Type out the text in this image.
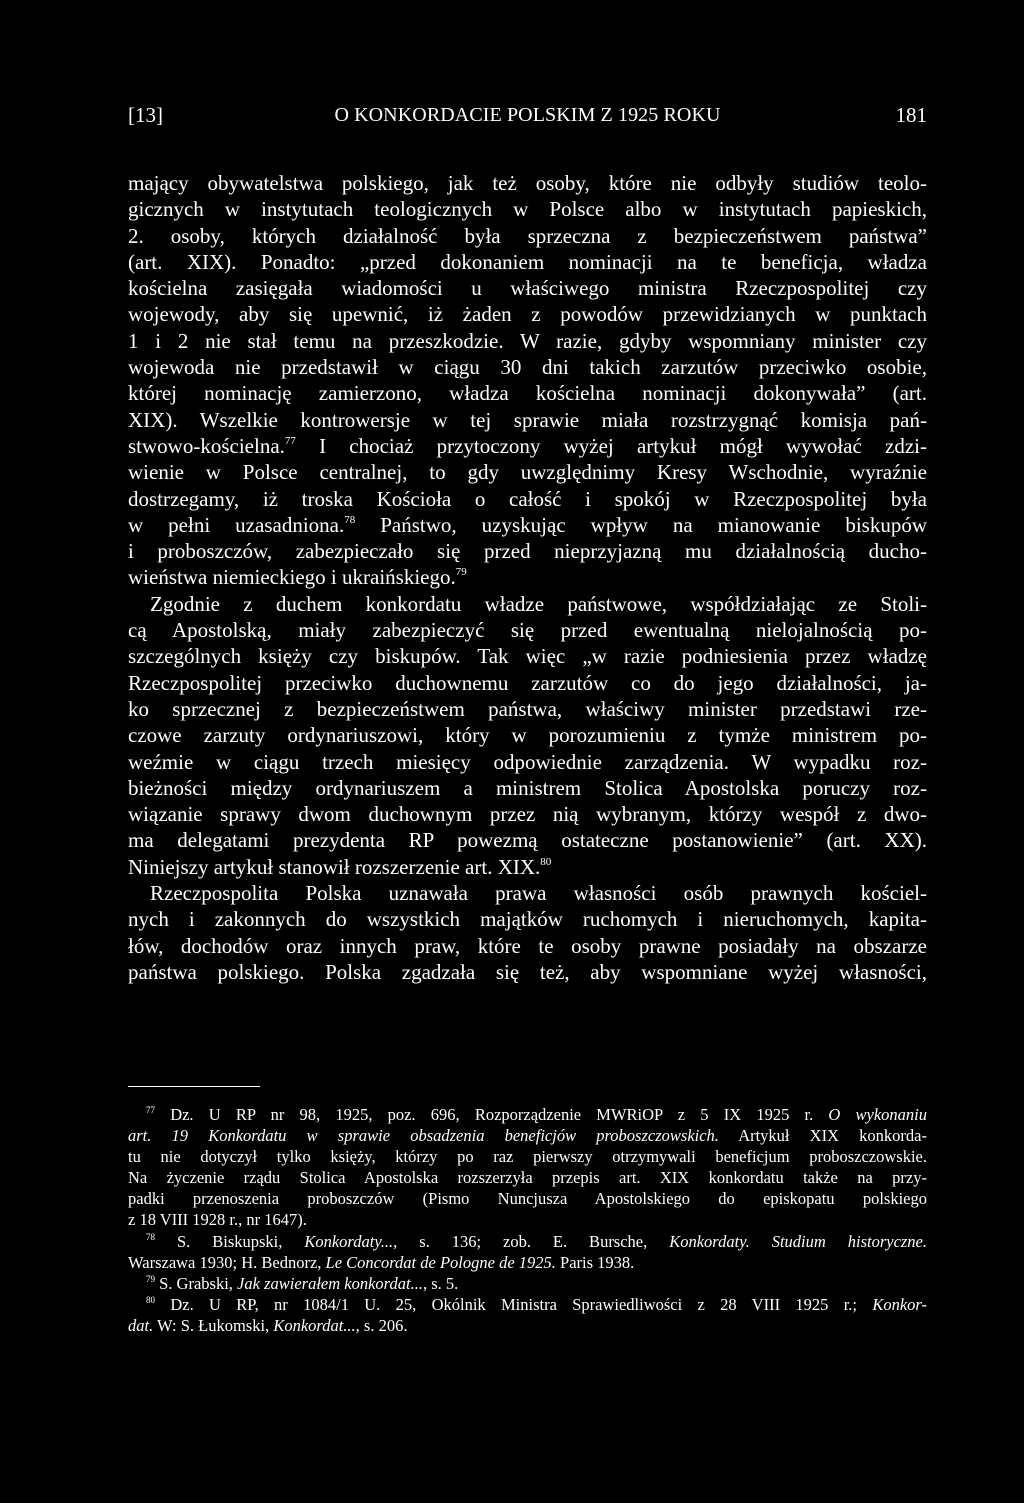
[13]	O KONKORDACIE POLSKIM Z 1925 ROKU	181

mający obywatelstwa polskiego, jak też osoby, które nie odbyły studiów teolo-

gicznych w instytutach teologicznych w Polsce albo w instytutach papieskich,

2. osoby, których działalność była sprzeczna z bezpieczeństwem państwa”

(art. XIX). Ponadto: „przed dokonaniem nominacji na te beneficja, władza

kościelna zasięgała wiadomości u właściwego ministra Rzeczpospolitej czy

wojewody, aby się upewnić, iż żaden z powodów przewidzianych w punktach

1 i 2 nie stał temu na przeszkodzie. W razie, gdyby wspomniany minister czy

wojewoda nie przedstawił w ciągu 30 dni takich zarzutów przeciwko osobie,

której nominację zamierzono, władza kościelna nominacji dokonywała” (art.

XIX). Wszelkie kontrowersje w tej sprawie miała rozstrzygnąć komisja pań-

stwowo-kościelna.$^{77}$ I chociaż przytoczony wyżej artykuł mógł wywołać zdzi-

wienie w Polsce centralnej, to gdy uwzględnimy Kresy Wschodnie, wyraźnie

dostrzegamy, iż troska Kościoła o całość i spokój w Rzeczpospolitej była

w pełni uzasadniona.$^{78}$ Państwo, uzyskując wpływ na mianowanie biskupów

i proboszczów, zabezpieczało się przed nieprzyjazną mu działalnością ducho-

wieństwa niemieckiego i ukraińskiego.$^{79}$

Zgodnie z duchem konkordatu władze państwowe, współdziałając ze Stoli-

cą Apostolską, miały zabezpieczyć się przed ewentualną nielojalnością po-

szczególnych księży czy biskupów. Tak więc „w razie podniesienia przez władzę

Rzeczpospolitej przeciwko duchownemu zarzutów co do jego działalności, ja-

ko sprzecznej z bezpieczeństwem państwa, właściwy minister przedstawi rze-

czowe zarzuty ordynariuszowi, który w porozumieniu z tymże ministrem po-

weźmie w ciągu trzech miesięcy odpowiednie zarządzenia. W wypadku roz-

bieżności między ordynariuszem a ministrem Stolica Apostolska poruczy roz-

wiązanie sprawy dwom duchownym przez nią wybranym, którzy wespół z dwo-

ma delegatami prezydenta RP powezmą ostateczne postanowienie” (art. XX).

Niniejszy artykuł stanowił rozszerzenie art. XIX.$^{80}$

Rzeczpospolita Polska uznawała prawa własności osób prawnych kościel-

nych i zakonnych do wszystkich majątków ruchomych i nieruchomych, kapita-

łów, dochodów oraz innych praw, które te osoby prawne posiadały na obszarze

państwa polskiego. Polska zgadzała się też, aby wspomniane wyżej własności,

$^{77}$ Dz. U RP nr 98, 1925, poz. 696, Rozporządzenie MWRiOP z 5 IX 1925 r. O wykonaniu

art. 19 Konkordatu w sprawie obsadzenia beneficjów proboszczowskich. Artykuł XIX konkorda-

tu nie dotyczył tylko księży, którzy po raz pierwszy otrzymywali beneficjum proboszczowskie.

Na życzenie rządu Stolica Apostolska rozszerzyła przepis art. XIX konkordatu także na przy-

padki przenoszenia proboszczów (Pismo Nuncjusza Apostolskiego do episkopatu polskiego

z 18 VIII 1928 r., nr 1647).

$^{78}$ S. Biskupski, Konkordaty..., s. 136; zob. E. Bursche, Konkordaty. Studium historyczne.

Warszawa 1930; H. Bednorz, Le Concordat de Pologne de 1925. Paris 1938.

$^{79}$ S. Grabski, Jak zawierałem konkordat..., s. 5.

$^{80}$ Dz. U RP, nr 1084/1 U. 25, Okólnik Ministra Sprawiedliwości z 28 VIII 1925 r.; Konkor-

dat. W: S. Łukomski, Konkordat..., s. 206.
